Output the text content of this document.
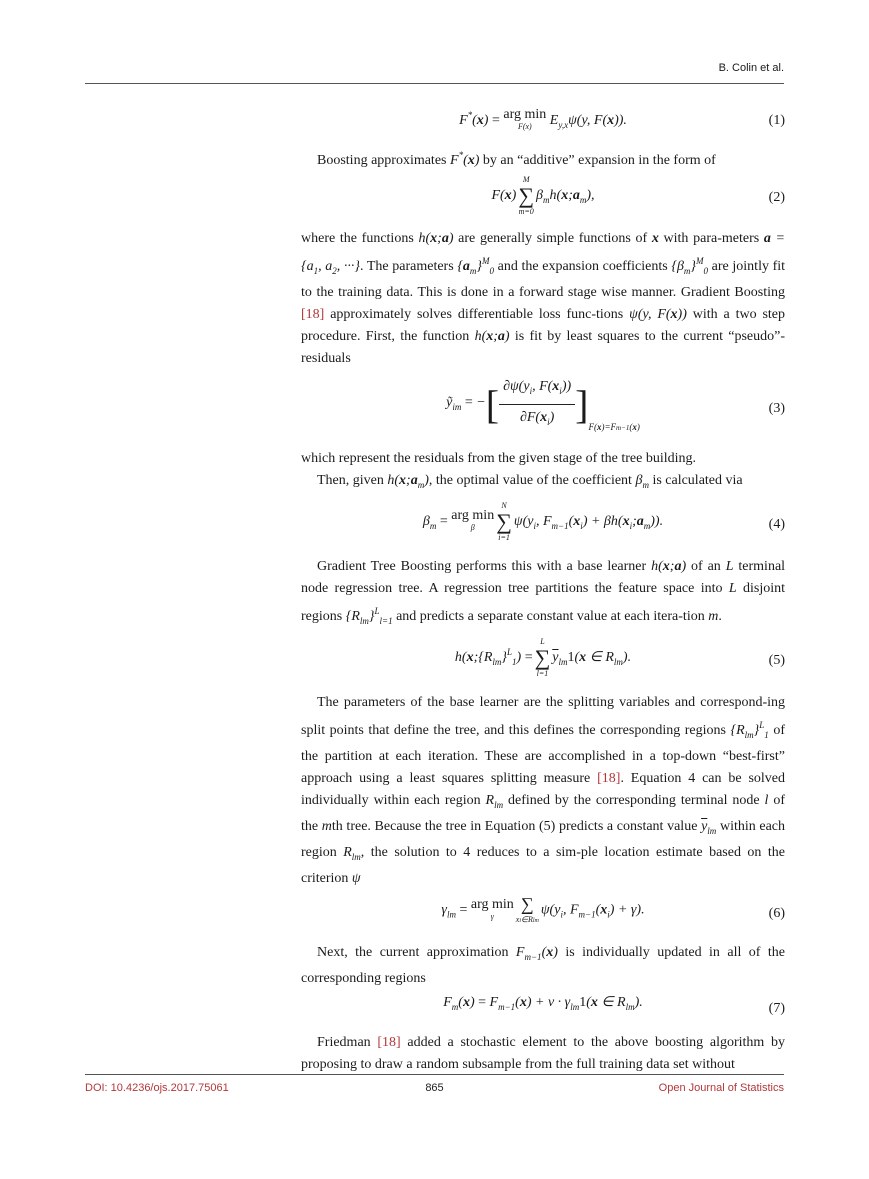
B. Colin et al.
F*(x) = arg min
F(x)	$E_{y,x}\psi(y$, F(x)).	(1)

Boosting approximates F*(x) by an “additive” expansion in the form of

F(x)
M
∑
m=0
$\beta_mh(x;a_m)$,	(2)

where the functions h(x;a) are generally simple functions of x with para-meters $a = \{a_1$, $a_2$, ···}. The parameters $\{a_m\}^M_0$ and the expansion coefficients $\{\beta_m\}^M_0$ are jointly fit to the training data. This is done in a forward stage wise manner. Gradient Boosting [18] approximately solves differentiable loss func-tions ψ(y, F(x)) with a two step procedure. First, the function h(x;a) is fit by least squares to the current “pseudo”-residuals

ỹ$_{im}$ = −[ $\frac{\partial\psi(y_i, F(x_i))}{\partial F(x_i)} ]_{F(x)=Fm-1(x)}$
(3)

which represent the residuals from the given stage of the tree building.

Then, given $h(x;a_m)$, the optimal value of the coefficient $\beta_m$ is calculated via

$\beta_m$ = arg min
β
N
∑
i=1
$\psi(y_i$, $F_{m-1}(x_i)$ + $\beta h(x_i;a_m)$).	(4)

Gradient Tree Boosting performs this with a base learner h(x;a) of an L terminal node regression tree. A regression tree partitions the feature space into L disjoint regions $\{R_{lm}\}^L_{l=1}$ and predicts a separate constant value at each itera-tion m.

$h(x;\{R_{lm}\}^L_1)$ =
L
∑
l=1
$\overline{y}_{lm}1(x$ ∈ $R_{lm}$).	(5)

The parameters of the base learner are the splitting variables and correspond-ing split points that define the tree, and this defines the corresponding regions $\{R_{lm}\}^L_1$ of the partition at each iteration. These are accomplished in a top-down “best-first” approach using a least squares splitting measure [18]. Equation 4 can be solved individually within each region $R_{lm}$ defined by the corresponding terminal node l of the mth tree. Because the tree in Equation (5) predicts a constant value $\overline{y}_{lm}$ within each region $R_{lm}$, the solution to 4 reduces to a sim-ple location estimate based on the criterion ψ

$\gamma_{lm}$ = arg min
γ
∑
xi∈Rlm
$\psi(y_i$, $F_{m-1}(x_i) + \gamma$).	(6)

Next, the current approximation $F_{m-1}(x)$ is individually updated in all of the corresponding regions

$F_m(x) = F_{m-1}(x) + \nu \cdot \gamma_{lm}1(x$ ∈ $R_{lm}$).	(7)

Friedman [18] added a stochastic element to the above boosting algorithm by proposing to draw a random subsample from the full training data set without

DOI: 10.4236/ojs.2017.75061	865	Open Journal of Statistics
